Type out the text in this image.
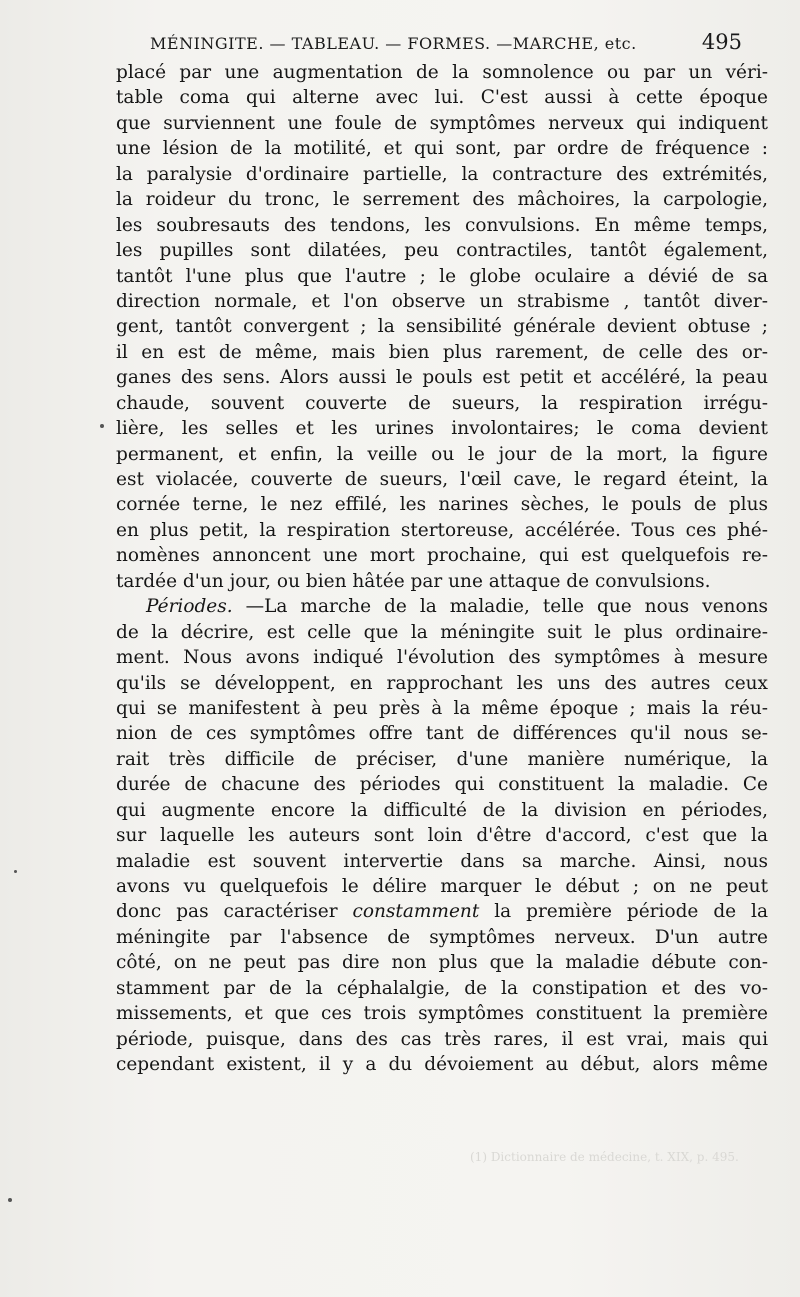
MÉNINGITE. — TABLEAU. — FORMES. —MARCHE, etc.	495
placé par une augmentation de la somnolence ou par un véri-
table coma qui alterne avec lui. C'est aussi à cette époque
que surviennent une foule de symptômes nerveux qui indiquent
une lésion de la motilité, et qui sont, par ordre de fréquence :
la paralysie d'ordinaire partielle, la contracture des extrémités,
la roideur du tronc, le serrement des mâchoires, la carpologie,
les soubresauts des tendons, les convulsions. En même temps,
les pupilles sont dilatées, peu contractiles, tantôt également,
tantôt l'une plus que l'autre ; le globe oculaire a dévié de sa
direction normale, et l'on observe un strabisme , tantôt diver-
gent, tantôt convergent ; la sensibilité générale devient obtuse ;
il en est de même, mais bien plus rarement, de celle des or-
ganes des sens. Alors aussi le pouls est petit et accéléré, la peau
chaude, souvent couverte de sueurs, la respiration irrégu-
lière, les selles et les urines involontaires; le coma devient
permanent, et enfin, la veille ou le jour de la mort, la figure
est violacée, couverte de sueurs, l'œil cave, le regard éteint, la
cornée terne, le nez effilé, les narines sèches, le pouls de plus
en plus petit, la respiration stertoreuse, accélérée. Tous ces phé-
nomènes annoncent une mort prochaine, qui est quelquefois re-
tardée d'un jour, ou bien hâtée par une attaque de convulsions.
Périodes. —La marche de la maladie, telle que nous venons
de la décrire, est celle que la méningite suit le plus ordinaire-
ment. Nous avons indiqué l'évolution des symptômes à mesure
qu'ils se développent, en rapprochant les uns des autres ceux
qui se manifestent à peu près à la même époque ; mais la réu-
nion de ces symptômes offre tant de différences qu'il nous se-
rait très difficile de préciser, d'une manière numérique, la
durée de chacune des périodes qui constituent la maladie. Ce
qui augmente encore la difficulté de la division en périodes,
sur laquelle les auteurs sont loin d'être d'accord, c'est que la
maladie est souvent intervertie dans sa marche. Ainsi, nous
avons vu quelquefois le délire marquer le début ; on ne peut
donc pas caractériser constamment la première période de la
méningite par l'absence de symptômes nerveux. D'un autre
côté, on ne peut pas dire non plus que la maladie débute con-
stamment par de la céphalalgie, de la constipation et des vo-
missements, et que ces trois symptômes constituent la première
période, puisque, dans des cas très rares, il est vrai, mais qui
cependant existent, il y a du dévoiement au début, alors même
(1) Dictionnaire de médecine, t. XIX, p. 495.
